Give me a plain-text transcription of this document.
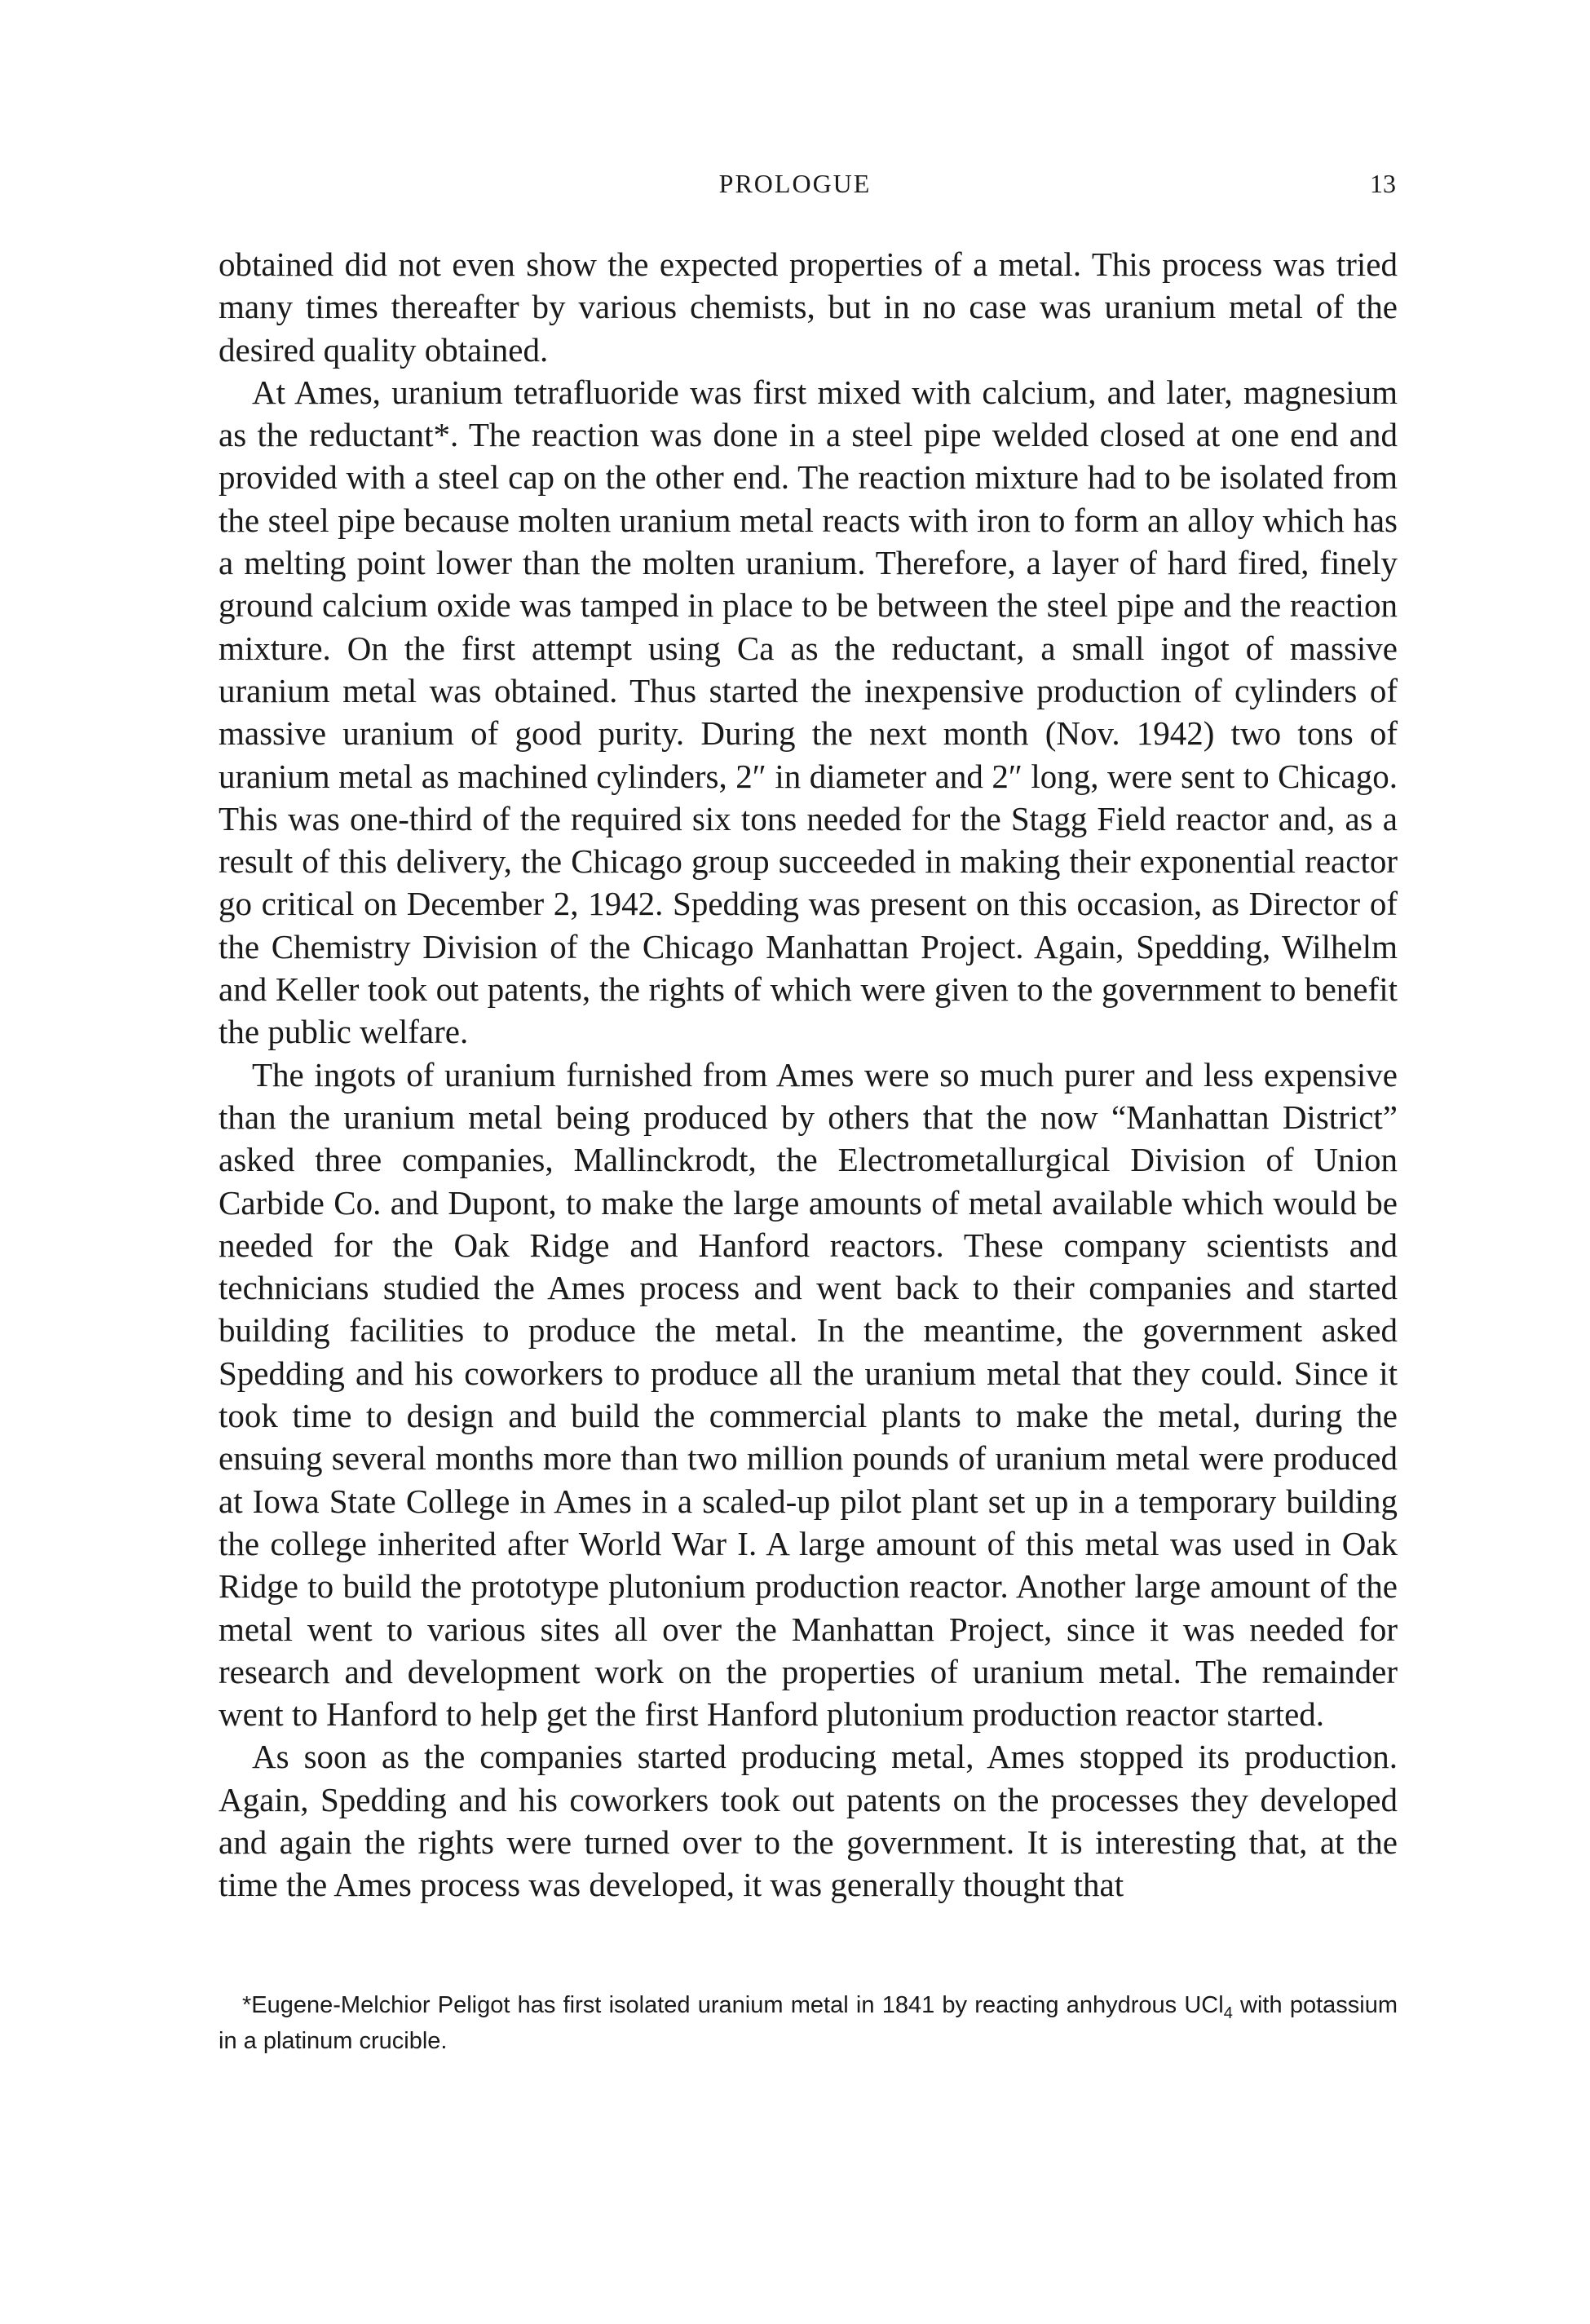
PROLOGUE	13

obtained did not even show the expected properties of a metal. This process was tried many times thereafter by various chemists, but in no case was uranium metal of the desired quality obtained.

At Ames, uranium tetrafluoride was first mixed with calcium, and later, magnesium as the reductant*. The reaction was done in a steel pipe welded closed at one end and provided with a steel cap on the other end. The reaction mixture had to be isolated from the steel pipe because molten uranium metal reacts with iron to form an alloy which has a melting point lower than the molten uranium. Therefore, a layer of hard fired, finely ground calcium oxide was tamped in place to be between the steel pipe and the reaction mixture. On the first attempt using Ca as the reductant, a small ingot of massive uranium metal was obtained. Thus started the inexpensive production of cylinders of massive uranium of good purity. During the next month (Nov. 1942) two tons of uranium metal as machined cylinders, 2″ in diameter and 2″ long, were sent to Chicago. This was one-third of the required six tons needed for the Stagg Field reactor and, as a result of this delivery, the Chicago group succeeded in making their exponential reactor go critical on December 2, 1942. Spedding was present on this occasion, as Director of the Chemistry Division of the Chicago Manhattan Project. Again, Spedding, Wilhelm and Keller took out patents, the rights of which were given to the government to benefit the public welfare.

The ingots of uranium furnished from Ames were so much purer and less expensive than the uranium metal being produced by others that the now “Manhattan District” asked three companies, Mallinckrodt, the Electrometallurgical Division of Union Carbide Co. and Dupont, to make the large amounts of metal available which would be needed for the Oak Ridge and Hanford reactors. These company scientists and technicians studied the Ames process and went back to their companies and started building facilities to produce the metal. In the meantime, the government asked Spedding and his coworkers to produce all the uranium metal that they could. Since it took time to design and build the commercial plants to make the metal, during the ensuing several months more than two million pounds of uranium metal were produced at Iowa State College in Ames in a scaled-up pilot plant set up in a temporary building the college inherited after World War I. A large amount of this metal was used in Oak Ridge to build the prototype plutonium production reactor. Another large amount of the metal went to various sites all over the Manhattan Project, since it was needed for research and development work on the properties of uranium metal. The remainder went to Hanford to help get the first Hanford plutonium production reactor started.

As soon as the companies started producing metal, Ames stopped its production. Again, Spedding and his coworkers took out patents on the processes they developed and again the rights were turned over to the government. It is interesting that, at the time the Ames process was developed, it was generally thought that

*Eugene-Melchior Peligot has first isolated uranium metal in 1841 by reacting anhydrous UCl$_4$ with potassium in a platinum crucible.
